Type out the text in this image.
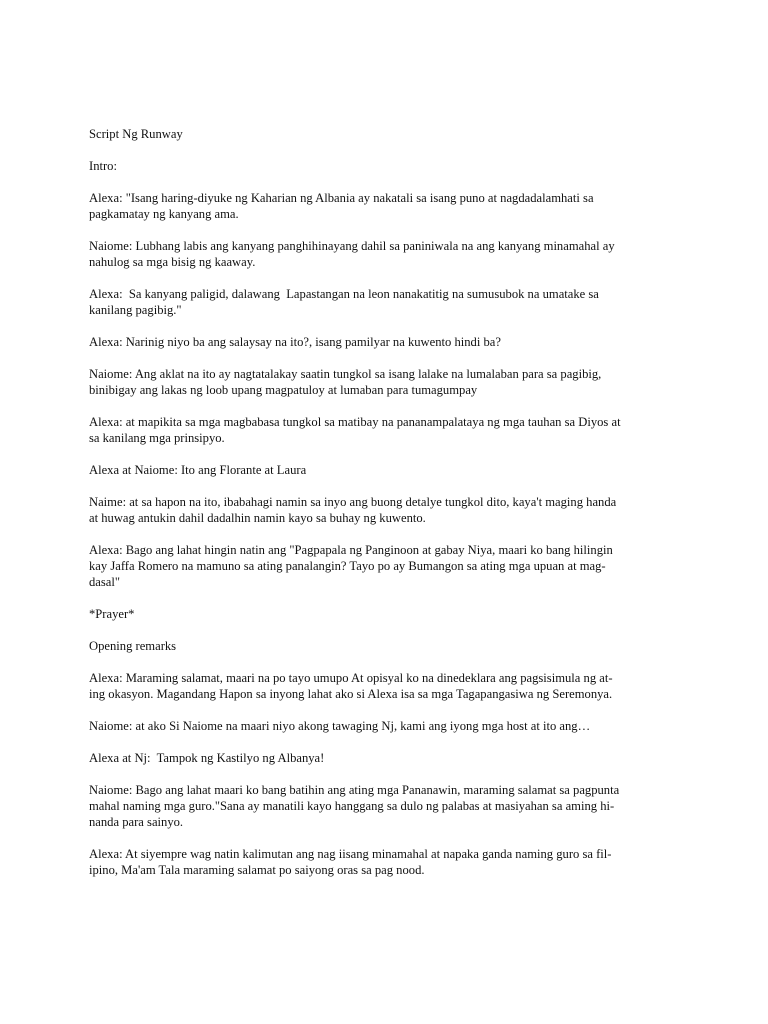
Script Ng Runway
Intro:
Alexa: "Isang haring-diyuke ng Kaharian ng Albania ay nakatali sa isang puno at nagdadalamhati sa
pagkamatay ng kanyang ama.
Naiome: Lubhang labis ang kanyang panghihinayang dahil sa paniniwala na ang kanyang minamahal ay
nahulog sa mga bisig ng kaaway.
Alexa:  Sa kanyang paligid, dalawang  Lapastangan na leon nanakatitig na sumusubok na umatake sa
kanilang pagibig."
Alexa: Narinig niyo ba ang salaysay na ito?, isang pamilyar na kuwento hindi ba?
Naiome: Ang aklat na ito ay nagtatalakay saatin tungkol sa isang lalake na lumalaban para sa pagibig,
binibigay ang lakas ng loob upang magpatuloy at lumaban para tumagumpay
Alexa: at mapikita sa mga magbabasa tungkol sa matibay na pananampalataya ng mga tauhan sa Diyos at
sa kanilang mga prinsipyo.
Alexa at Naiome: Ito ang Florante at Laura
Naime: at sa hapon na ito, ibabahagi namin sa inyo ang buong detalye tungkol dito, kaya't maging handa
at huwag antukin dahil dadalhin namin kayo sa buhay ng kuwento.
Alexa: Bago ang lahat hingin natin ang "Pagpapala ng Panginoon at gabay Niya, maari ko bang hilingin
kay Jaffa Romero na mamuno sa ating panalangin? Tayo po ay Bumangon sa ating mga upuan at mag-
dasal"
*Prayer*
Opening remarks
Alexa: Maraming salamat, maari na po tayo umupo At opisyal ko na dinedeklara ang pagsisimula ng at-
ing okasyon. Magandang Hapon sa inyong lahat ako si Alexa isa sa mga Tagapangasiwa ng Seremonya.
Naiome: at ako Si Naiome na maari niyo akong tawaging Nj, kami ang iyong mga host at ito ang…
Alexa at Nj:  Tampok ng Kastilyo ng Albanya!
Naiome: Bago ang lahat maari ko bang batihin ang ating mga Pananawin, maraming salamat sa pagpunta
mahal naming mga guro."Sana ay manatili kayo hanggang sa dulo ng palabas at masiyahan sa aming hi-
nanda para sainyo.
Alexa: At siyempre wag natin kalimutan ang nag iisang minamahal at napaka ganda naming guro sa fil-
ipino, Ma'am Tala maraming salamat po saiyong oras sa pag nood.
